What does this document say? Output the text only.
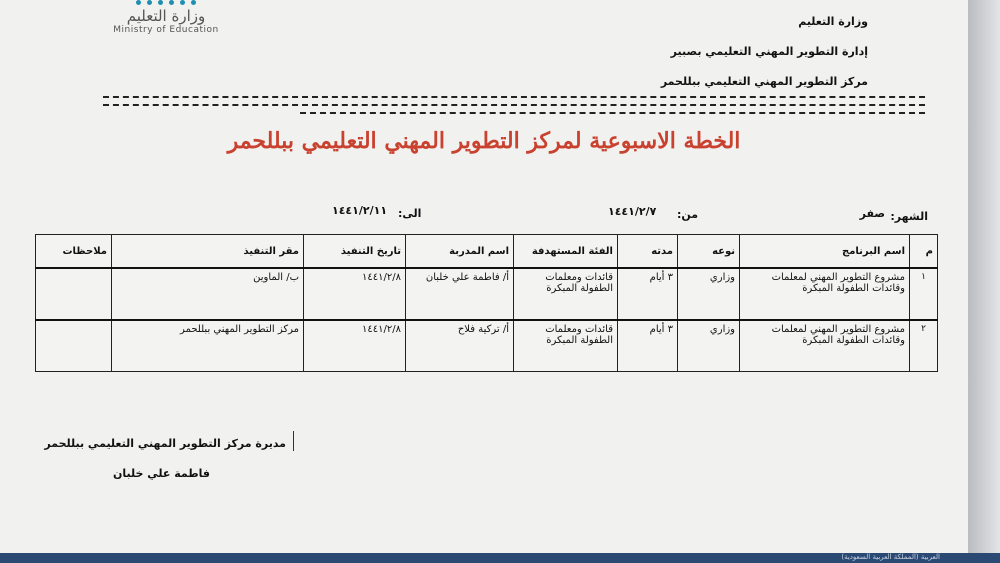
وزارة التعليم
Ministry of Education
وزارة التعليم
إدارة التطوير المهني التعليمي بصبير
مركز التطوير المهني التعليمي ببللحمر
الخطة الاسبوعية لمركز التطوير المهني التعليمي ببللحمر
الشهر:
صفر
من:
١٤٤١/٢/٧
الى:
١٤٤١/٢/١١
م	اسم البرنامج	نوعه	مدته	الفئة المستهدفة	اسم المدربة	تاريخ التنفيذ	مقر التنفيذ	ملاحظات
١	مشروع التطوير المهني لمعلمات وقائدات الطفولة المبكرة	وزاري	٣ أيام	قائدات ومعلمات الطفولة المبكرة	أ/ فاطمة علي خلبان	١٤٤١/٢/٨	ب/ الماوين	
٢	مشروع التطوير المهني لمعلمات وقائدات الطفولة المبكرة	وزاري	٣ أيام	قائدات ومعلمات الطفولة المبكرة	أ/ تركية فلاح	١٤٤١/٢/٨	مركز التطوير المهني ببللحمر	
مديرة مركز التطوير المهني التعليمي ببللحمر
فاطمة علي خلبان
العربية (المملكة العربية السعودية)
